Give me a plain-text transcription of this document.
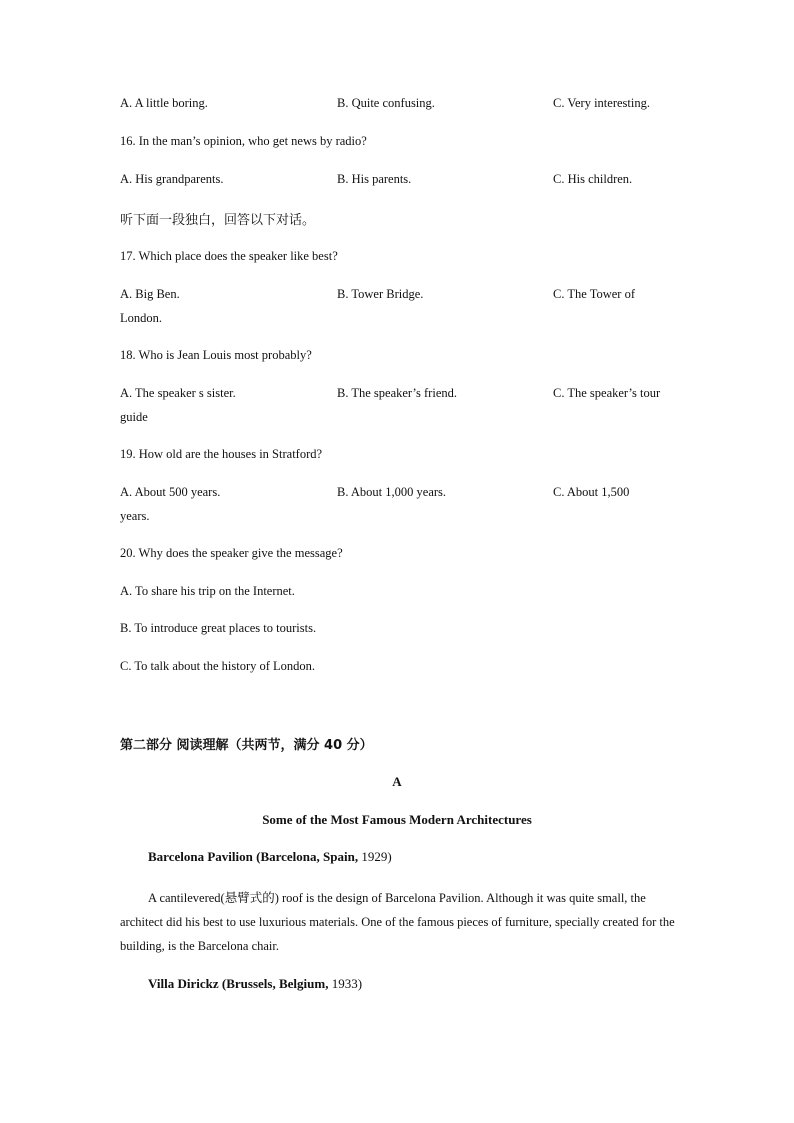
A. A little boring.	B. Quite confusing.	C. Very interesting.
16. In the man’s opinion, who get news by radio?
A. His grandparents.	B. His parents.	C. His children.
听下面一段独白，回答以下对话。
17. Which place does the speaker like best?
A. Big Ben.	B. Tower Bridge.	C. The Tower of
London.
18. Who is Jean Louis most probably?
A. The speaker s sister.	B. The speaker’s friend.	C. The speaker’s tour
guide
19. How old are the houses in Stratford?
A. About 500 years.	B. About 1,000 years.	C. About 1,500
years.
20. Why does the speaker give the message?
A. To share his trip on the Internet.
B. To introduce great places to tourists.
C. To talk about the history of London.
第二部分 阅读理解（共两节，满分 40 分）
A
Some of the Most Famous Modern Architectures
Barcelona Pavilion (Barcelona, Spain, 1929)
A cantilevered(悬臂式的) roof is the design of Barcelona Pavilion. Although it was quite small, the architect did his best to use luxurious materials. One of the famous pieces of furniture, specially created for the building, is the Barcelona chair.
Villa Dirickz (Brussels, Belgium, 1933)
